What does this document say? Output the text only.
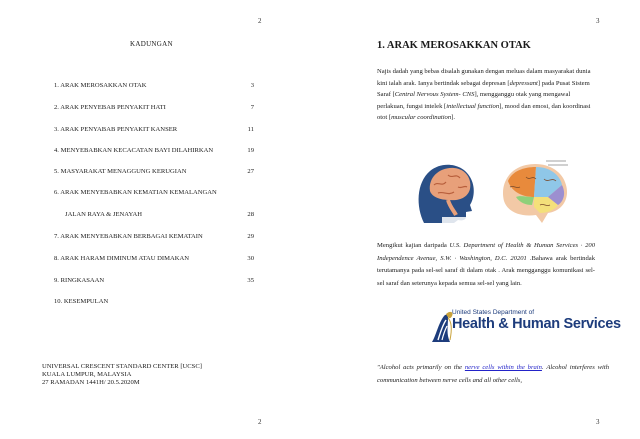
2
KADUNGAN
1. ARAK MEROSAKKAN OTAK	3
2. ARAK PENYEBAB PENYAKIT HATI	7
3. ARAK PENYABAB PENYAKIT KANSER	11
4. MENYEBABKAN KECACATAN BAYI DILAHIRKAN	19
5. MASYARAKAT MENAGGUNG KERUGIAN	27
6. ARAK MENYEBABKAN KEMATIAN KEMALANGAN
JALAN RAYA & JENAYAH	28
7. ARAK MENYEBABKAN BERBAGAI KEMATAIN	29
8. ARAK HARAM DIMINUM ATAU DIMAKAN	30
9. RINGKASAAN	35
10. KESEMPULAN
UNIVERSAL CRESCENT STANDARD CENTER [UCSC]
KUALA LUMPUR, MALAYSIA
27 RAMADAN 1441H/ 20.5.2020M
2
3
1. ARAK MEROSAKKAN OTAK
Najis dadah yang bebas disalah gunakan dengan meluas dalam masyarakat dunia kini ialah arak. Ianya bertindak sebagai depresan [depressant] pada Pusat Sistem Saraf [Central Nervous System- CNS], mengganggu otak yang mengawal perlakuan, fungsi intelek [intellectual function], mood dan emosi, dan koordinasi otot [muscular coordination].
Mengikut kajian daripada U.S. Department of Health & Human Services · 200 Independence Avenue, S.W. · Washington, D.C. 20201 .Bahawa arak bertindak terutamanya pada sel-sel saraf di dalam otak . Arak mengganggu komunikasi sel-sel saraf dan seterunya kepada semua sel-sel yang lain.
United States Department of
Health & Human Services
"Alcohol acts primarily on the nerve cells within the brain. Alcohol interferes with communication between nerve cells and all other cells,
3
